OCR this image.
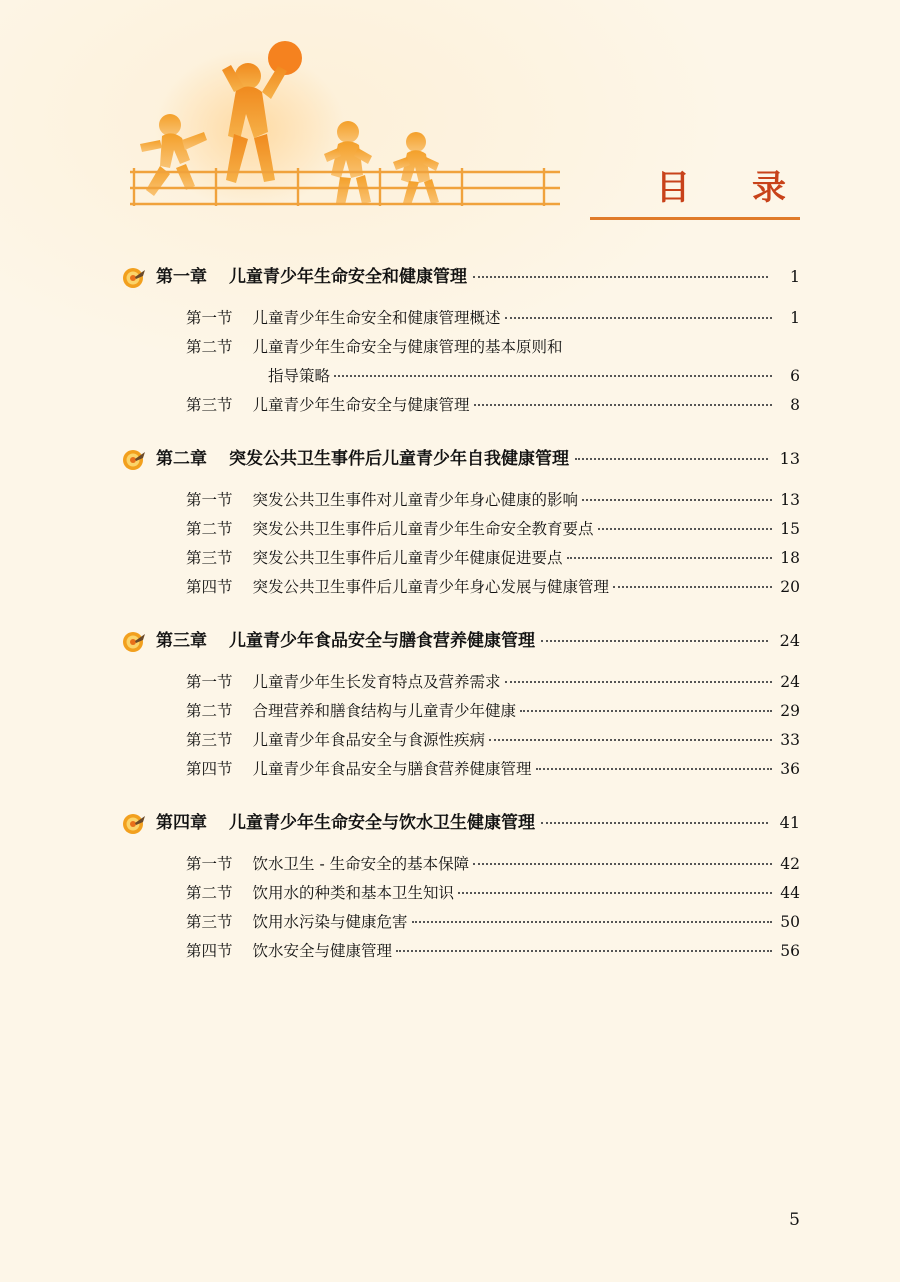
目　录
第一章 儿童青少年生命安全和健康管理	1
第一节 儿童青少年生命安全和健康管理概述	1
第二节 儿童青少年生命安全与健康管理的基本原则和
指导策略	6
第三节 儿童青少年生命安全与健康管理	8
第二章 突发公共卫生事件后儿童青少年自我健康管理	13
第一节 突发公共卫生事件对儿童青少年身心健康的影响	13
第二节 突发公共卫生事件后儿童青少年生命安全教育要点	15
第三节 突发公共卫生事件后儿童青少年健康促进要点	18
第四节 突发公共卫生事件后儿童青少年身心发展与健康管理	20
第三章 儿童青少年食品安全与膳食营养健康管理	24
第一节 儿童青少年生长发育特点及营养需求	24
第二节 合理营养和膳食结构与儿童青少年健康	29
第三节 儿童青少年食品安全与食源性疾病	33
第四节 儿童青少年食品安全与膳食营养健康管理	36
第四章 儿童青少年生命安全与饮水卫生健康管理	41
第一节 饮水卫生 - 生命安全的基本保障	42
第二节 饮用水的种类和基本卫生知识	44
第三节 饮用水污染与健康危害	50
第四节 饮水安全与健康管理	56
5
